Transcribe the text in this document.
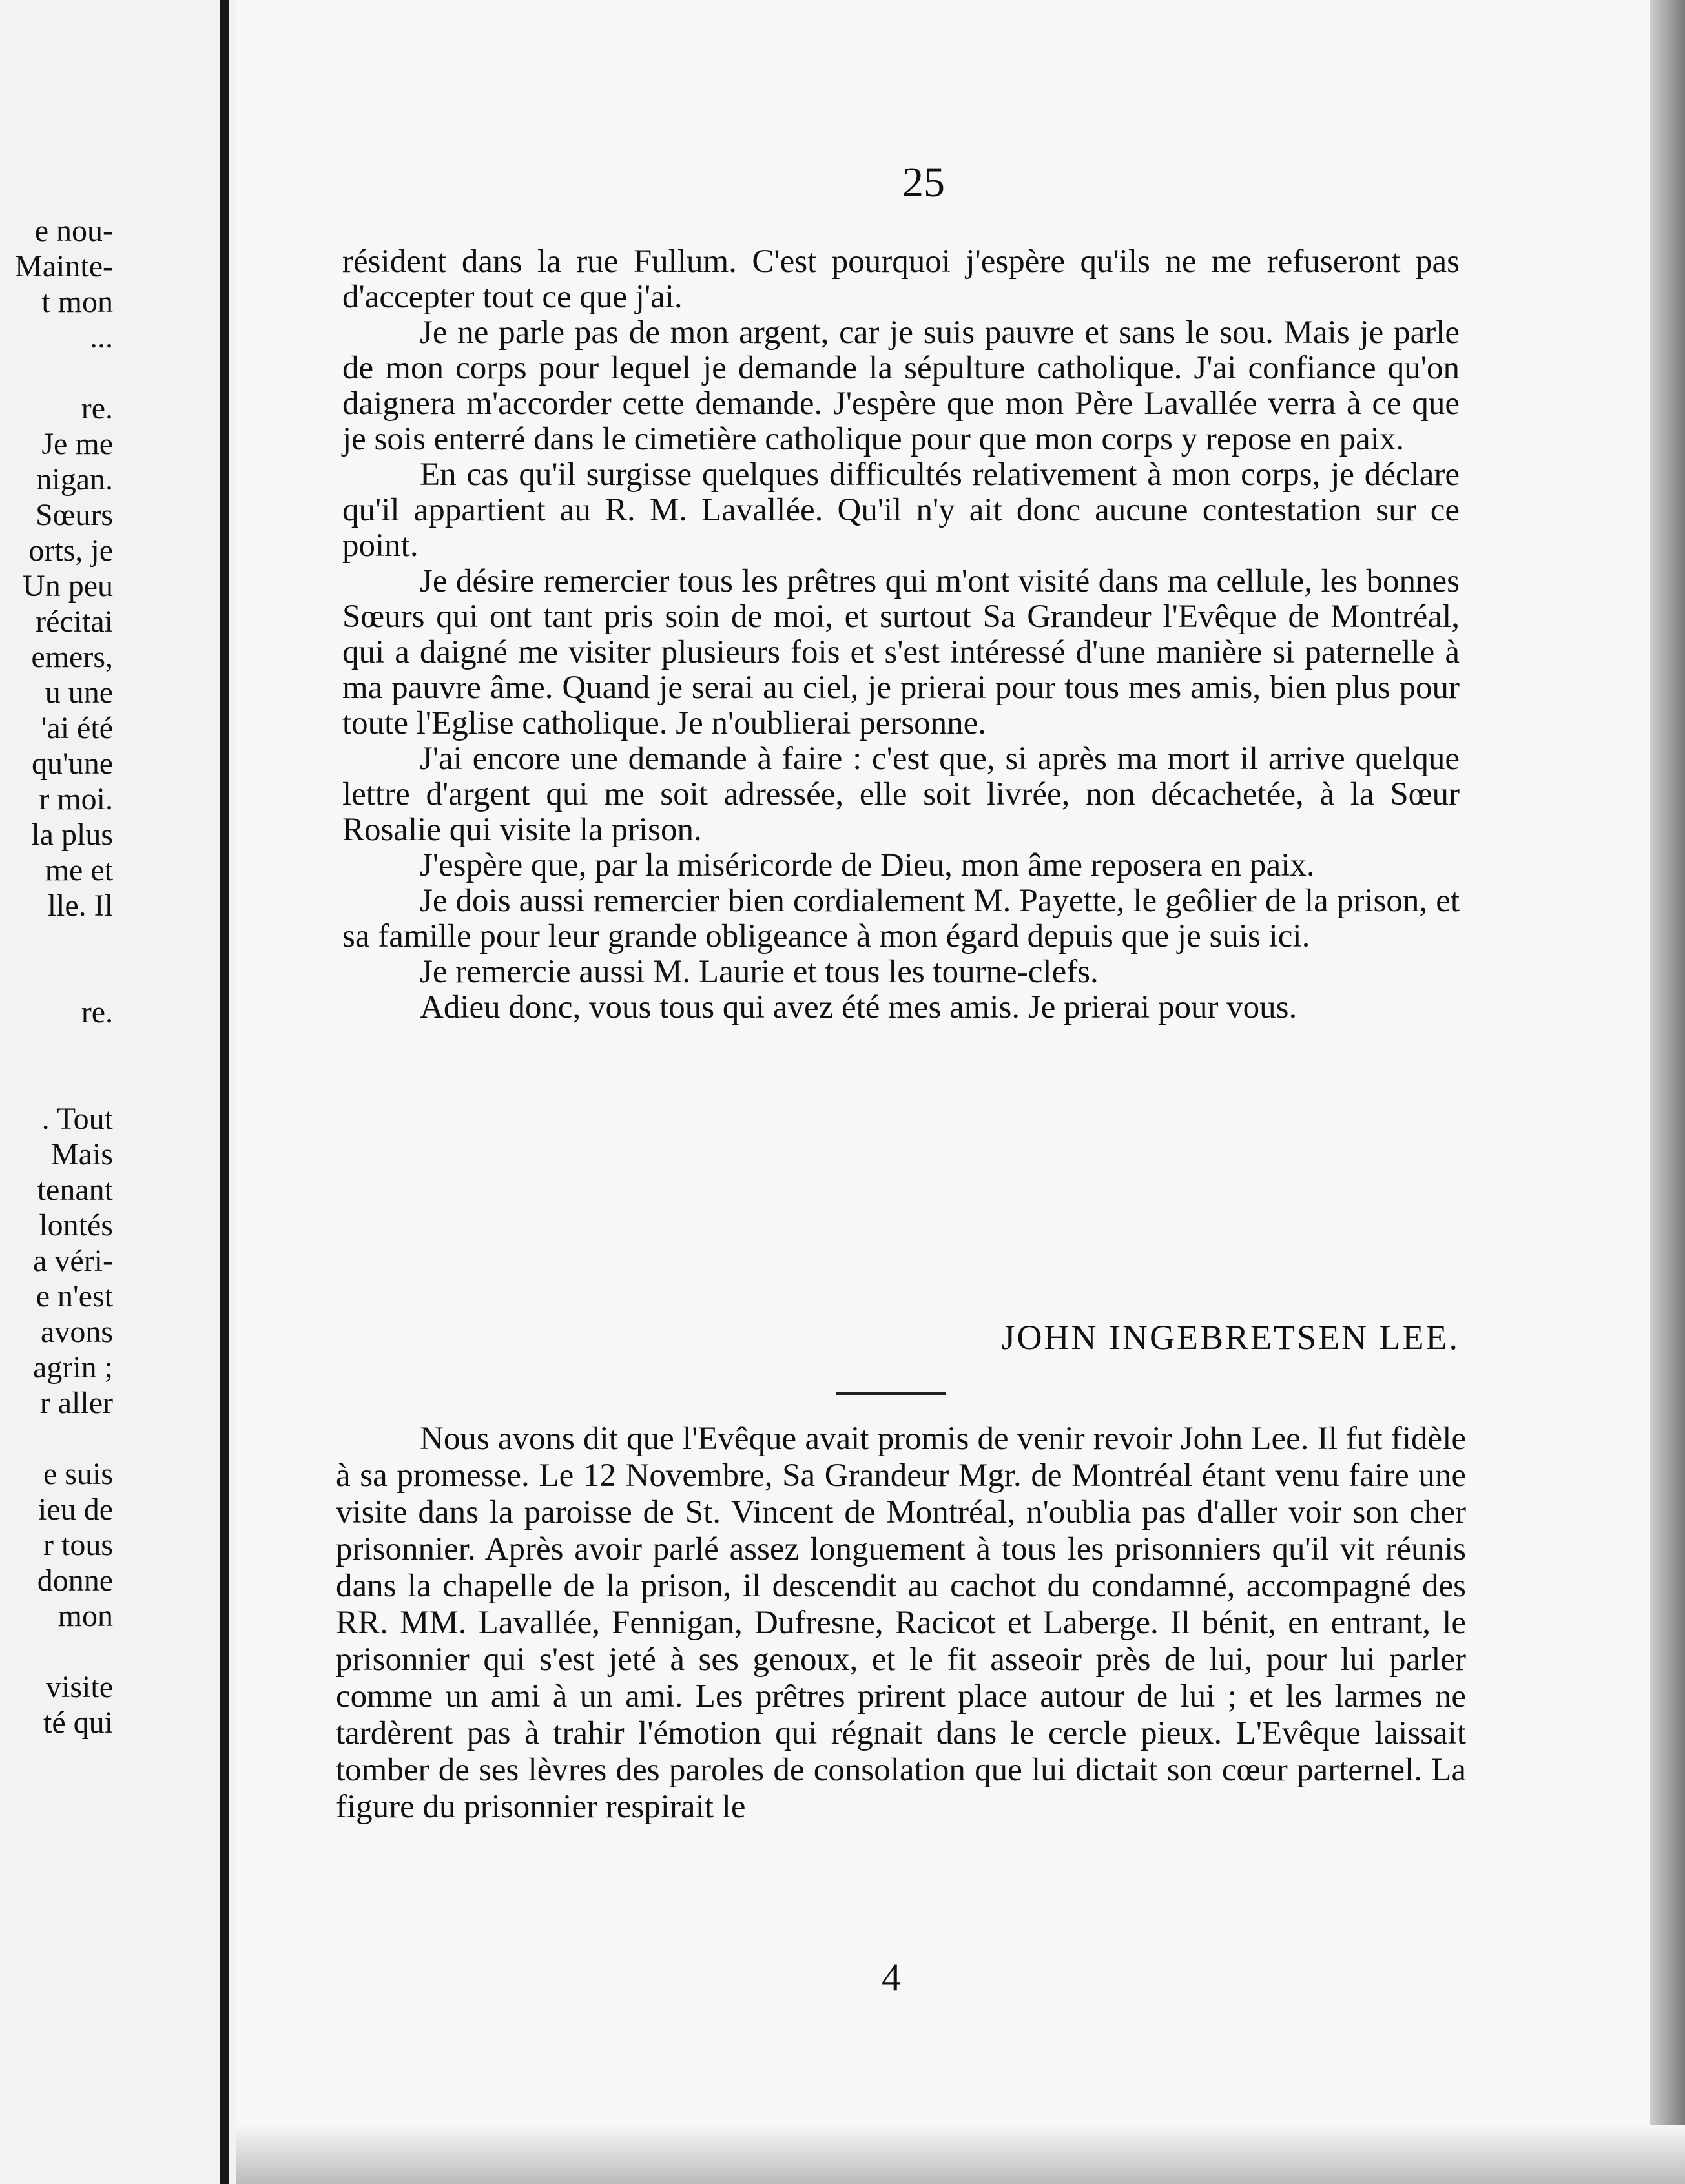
e nou-
Mainte-
t mon
...
re.
Je me
nigan.
Sœurs
orts, je
Un peu
récitai
emers,
u une
'ai été
qu'une
r moi.
la plus
me et
lle. Il
re.
. Tout
Mais
tenant
lontés
a véri-
e n'est
avons
agrin ;
r aller
e suis
ieu de
r tous
donne
mon
visite
té qui
25

résident dans la rue Fullum. C'est pourquoi j'espère qu'ils ne me refuseront pas d'accepter tout ce que j'ai.

Je ne parle pas de mon argent, car je suis pauvre et sans le sou. Mais je parle de mon corps pour lequel je demande la sépulture catholique. J'ai confiance qu'on daignera m'accorder cette demande. J'espère que mon Père Lavallée verra à ce que je sois enterré dans le cimetière catholique pour que mon corps y repose en paix.

En cas qu'il surgisse quelques difficultés relativement à mon corps, je déclare qu'il appartient au R. M. Lavallée. Qu'il n'y ait donc aucune contestation sur ce point.

Je désire remercier tous les prêtres qui m'ont visité dans ma cellule, les bonnes Sœurs qui ont tant pris soin de moi, et surtout Sa Grandeur l'Evêque de Montréal, qui a daigné me visiter plusieurs fois et s'est intéressé d'une manière si paternelle à ma pauvre âme. Quand je serai au ciel, je prierai pour tous mes amis, bien plus pour toute l'Eglise catholique. Je n'oublierai personne.

J'ai encore une demande à faire : c'est que, si après ma mort il arrive quelque lettre d'argent qui me soit adressée, elle soit livrée, non décachetée, à la Sœur Rosalie qui visite la prison.

J'espère que, par la miséricorde de Dieu, mon âme reposera en paix.

Je dois aussi remercier bien cordialement M. Payette, le geôlier de la prison, et sa famille pour leur grande obligeance à mon égard depuis que je suis ici.

Je remercie aussi M. Laurie et tous les tourne-clefs.

Adieu donc, vous tous qui avez été mes amis. Je prierai pour vous.

JOHN INGEBRETSEN LEE.

Nous avons dit que l'Evêque avait promis de venir revoir John Lee. Il fut fidèle à sa promesse. Le 12 Novembre, Sa Grandeur Mgr. de Montréal étant venu faire une visite dans la paroisse de St. Vincent de Montréal, n'oublia pas d'aller voir son cher prisonnier. Après avoir parlé assez longuement à tous les prisonniers qu'il vit réunis dans la chapelle de la prison, il descendit au cachot du condamné, accompagné des RR. MM. Lavallée, Fennigan, Dufresne, Racicot et Laberge. Il bénit, en entrant, le prisonnier qui s'est jeté à ses genoux, et le fit asseoir près de lui, pour lui parler comme un ami à un ami. Les prêtres prirent place autour de lui ; et les larmes ne tardèrent pas à trahir l'émotion qui régnait dans le cercle pieux. L'Evêque laissait tomber de ses lèvres des paroles de consolation que lui dictait son cœur parternel. La figure du prisonnier respirait le

4
